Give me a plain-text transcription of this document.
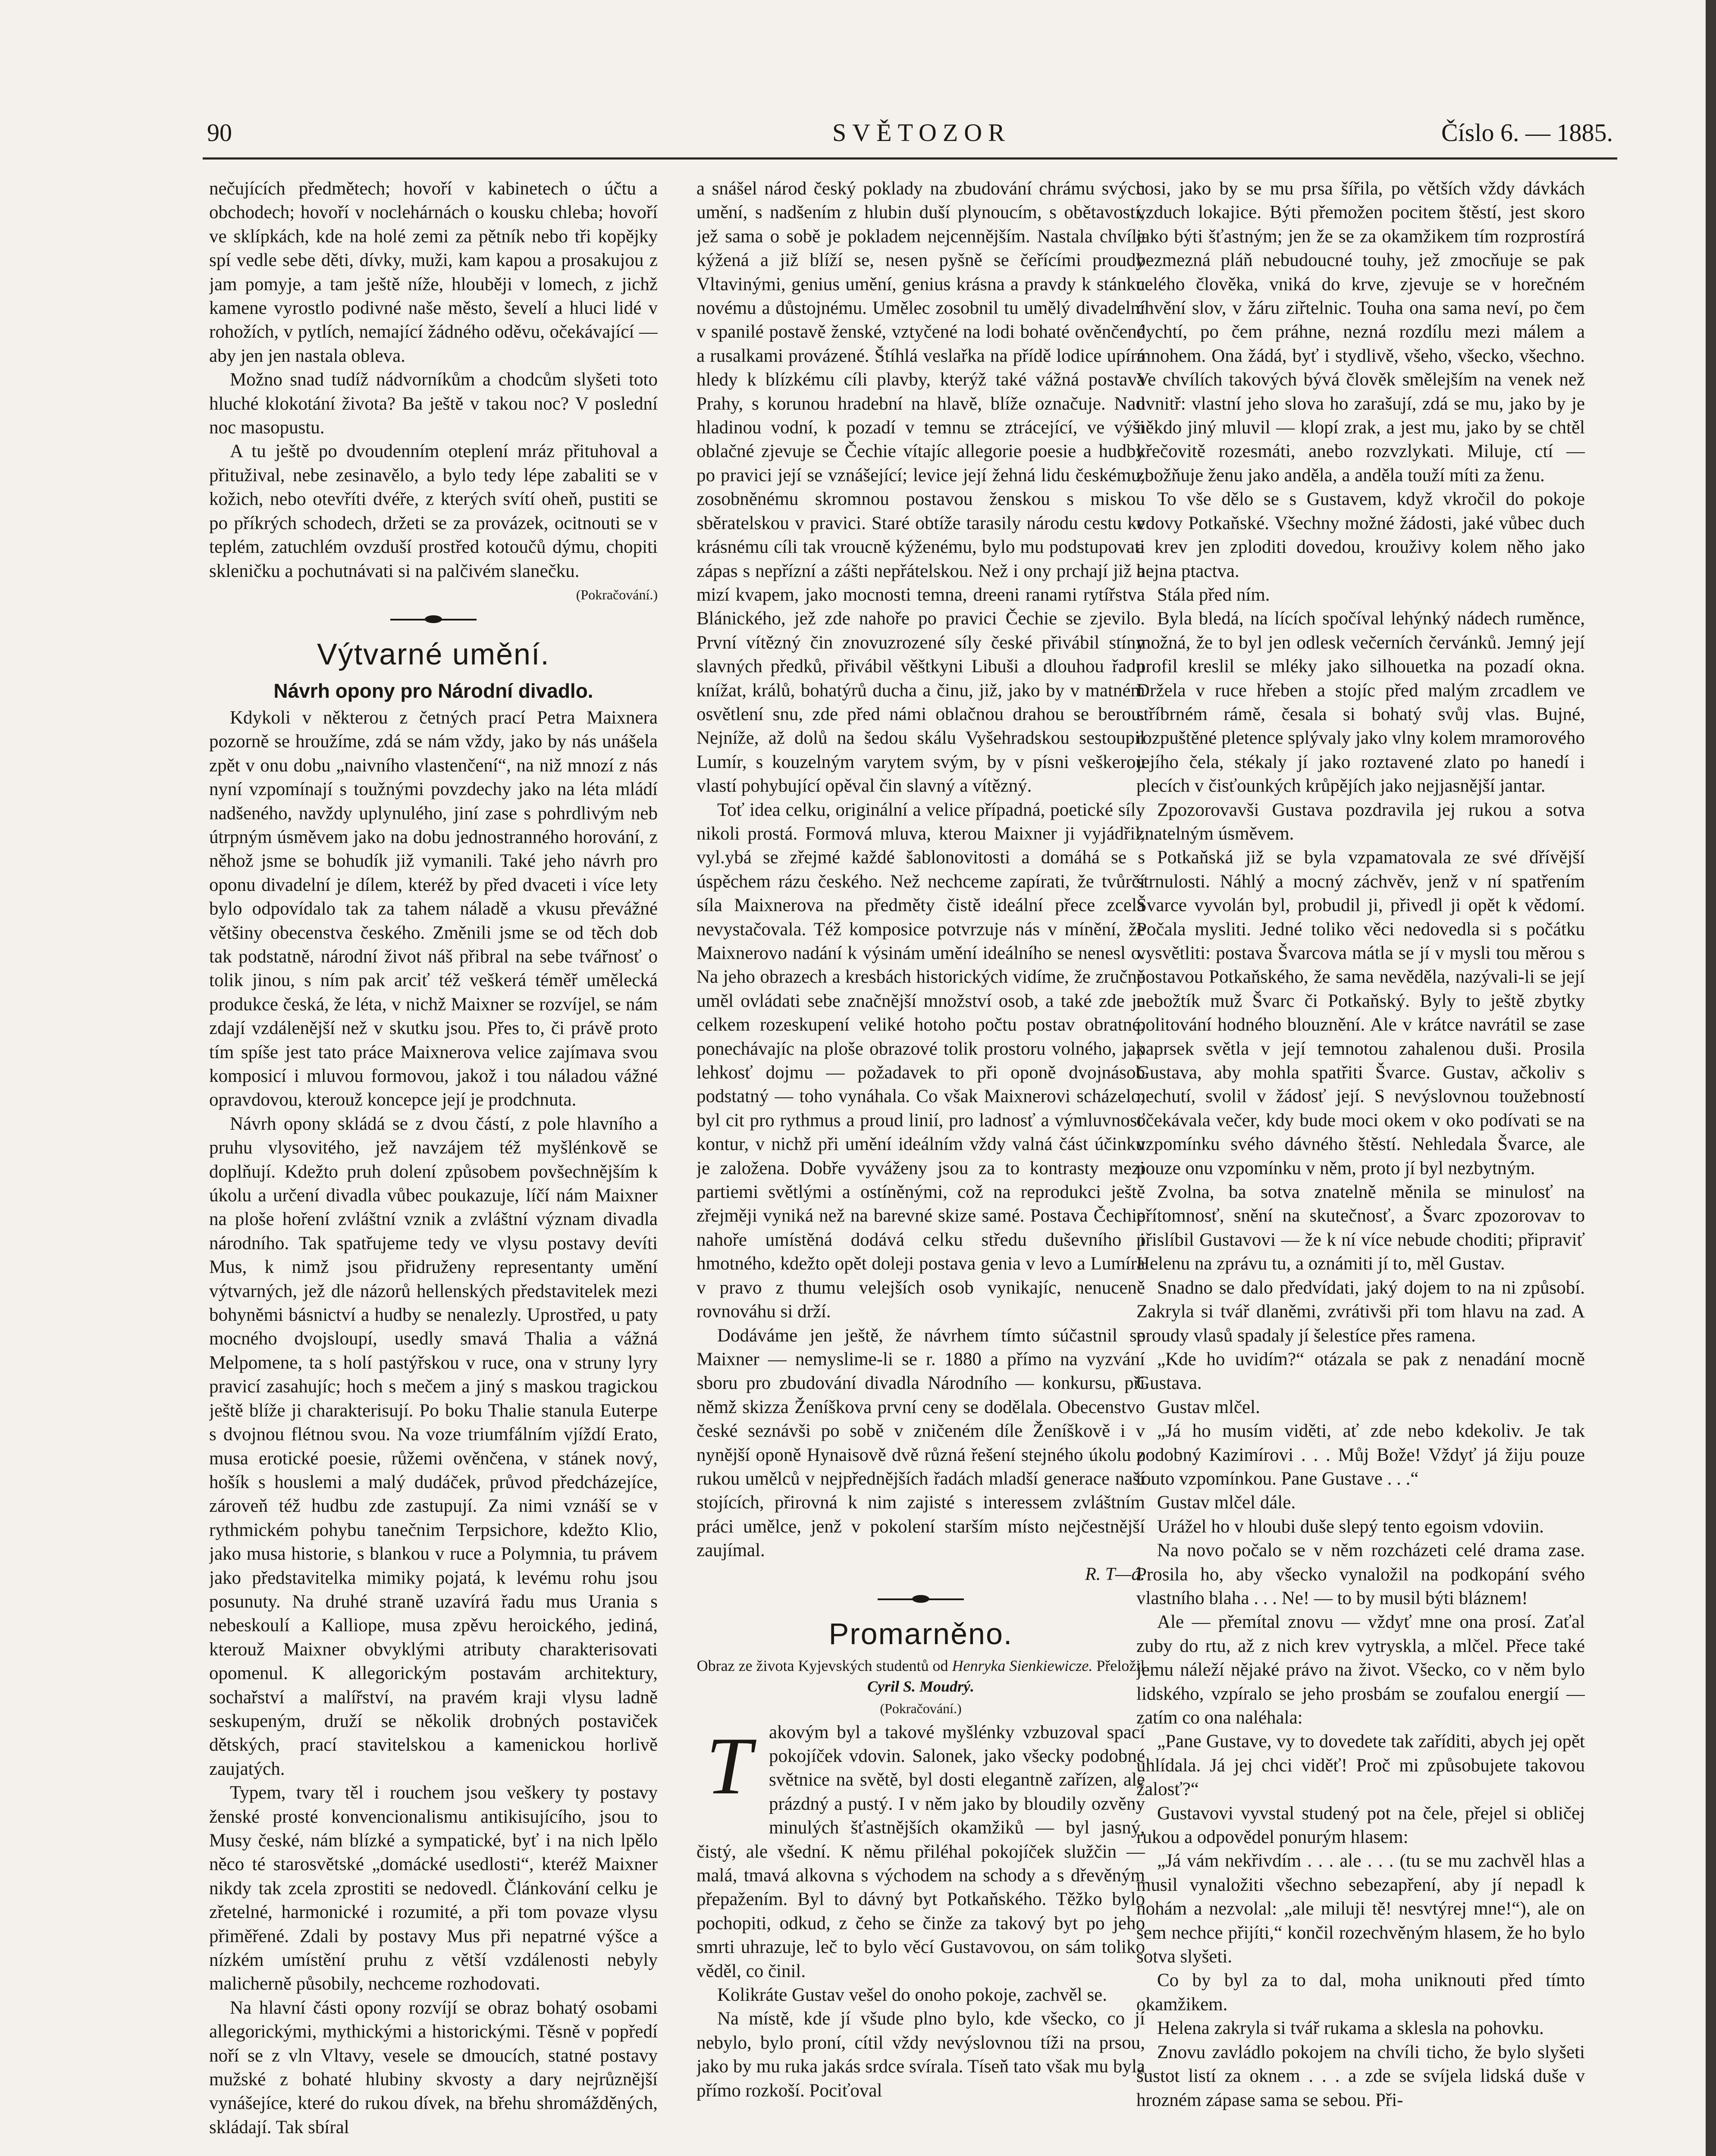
90	SVĚTOZOR	Číslo 6. — 1885.

nečujících předmětech; hovoří v kabinetech o účtu a obchodech; hovoří v noclehárnách o kousku chleba; hovoří ve sklípkách, kde na holé zemi za pětník nebo tři kopějky spí vedle sebe děti, dívky, muži, kam kapou a prosakujou z jam pomyje, a tam ještě níže, hlouběji v lomech, z jichž kamene vyrostlo podivné naše město, ševelí a hluci lidé v rohožích, v pytlích, nemající žádného oděvu, očekávající — aby jen jen nastala obleva.

Možno snad tudíž nádvorníkům a chodcům slyšeti toto hluché klokotání života? Ba ještě v takou noc? V poslední noc masopustu.

A tu ještě po dvoudenním oteplení mráz přituhoval a přitužival, nebe zesinavělo, a bylo tedy lépe zabaliti se v kožich, nebo otevříti dvéře, z kterých svítí oheň, pustiti se po příkrých schodech, držeti se za provázek, ocitnouti se v teplém, zatuchlém ovzduší prostřed kotoučů dýmu, chopiti skleničku a pochutnávati si na palčivém slanečku.

(Pokračování.)

Výtvarné umění.
Návrh opony pro Národní divadlo.

Kdykoli v některou z četných prací Petra Maixnera pozorně se hroužíme, zdá se nám vždy, jako by nás unášela zpět v onu dobu „naivního vlastenčení“, na niž mnozí z nás nyní vzpomínají s toužnými povzdechy jako na léta mládí nadšeného, navždy uplynulého, jiní zase s pohrdlivým neb útrpným úsměvem jako na dobu jednostranného horování, z něhož jsme se bohudík již vymanili. Také jeho návrh pro oponu divadelní je dílem, kteréž by před dvaceti i více lety bylo odpovídalo tak za tahem náladě a vkusu převážné většiny obecenstva českého. Změnili jsme se od těch dob tak podstatně, národní život náš přibral na sebe tvářnosť o tolik jinou, s ním pak arciť též veškerá téměř umělecká produkce česká, že léta, v nichž Maixner se rozvíjel, se nám zdají vzdálenější než v skutku jsou. Přes to, či právě proto tím spíše jest tato práce Maixnerova velice zajímava svou komposicí i mluvou formovou, jakož i tou náladou vážné opravdovou, kterouž koncepce její je prodchnuta.

Návrh opony skládá se z dvou částí, z pole hlavního a pruhu vlysovitého, jež navzájem též myšlénkově se doplňují. Kdežto pruh dolení způsobem povšechnějším k úkolu a určení divadla vůbec poukazuje, líčí nám Maixner na ploše hoření zvláštní vznik a zvláštní význam divadla národního. Tak spatřujeme tedy ve vlysu postavy devíti Mus, k nimž jsou přidruženy representanty umění výtvarných, jež dle názorů hellenských představitelek mezi bohyněmi básnictví a hudby se nenalezly. Uprostřed, u paty mocného dvojsloupí, usedly smavá Thalia a vážná Melpomene, ta s holí pastýřskou v ruce, ona v struny lyry pravicí zasahujíc; hoch s mečem a jiný s maskou tragickou ještě blíže ji charakterisují. Po boku Thalie stanula Euterpe s dvojnou flétnou svou. Na voze triumfálním vjíždí Erato, musa erotické poesie, růžemi ověnčena, v stánek nový, hošík s houslemi a malý dudáček, průvod předcházejíce, zároveň též hudbu zde zastupují. Za nimi vznáší se v rythmickém pohybu tanečnim Terpsichore, kdežto Klio, jako musa historie, s blankou v ruce a Polymnia, tu právem jako představitelka mimiky pojatá, k levému rohu jsou posunuty. Na druhé straně uzavírá řadu mus Urania s nebeskoulí a Kalliope, musa zpěvu heroického, jediná, kterouž Maixner obvyklými atributy charakterisovati opomenul. K allegorickým postavám architektury, sochařství a malířství, na pravém kraji vlysu ladně seskupeným, druží se několik drobných postaviček dětských, prací stavitelskou a kamenickou horlivě zaujatých.

Typem, tvary těl i rouchem jsou veškery ty postavy ženské prosté konvencionalismu antikisujícího, jsou to Musy české, nám blízké a sympatické, byť i na nich lpělo něco té starosvětské „domácké usedlosti“, kteréž Maixner nikdy tak zcela zprostiti se nedovedl. Článkování celku je zřetelné, harmonické i rozumité, a při tom povaze vlysu přiměřené. Zdali by postavy Mus při nepatrné výšce a nízkém umístění pruhu z větší vzdálenosti nebyly malicherně působily, nechceme rozhodovati.

Na hlavní části opony rozvíjí se obraz bohatý osobami allegorickými, mythickými a historickými. Těsně v popředí noří se z vln Vltavy, vesele se dmoucích, statné postavy mužské z bohaté hlubiny skvosty a dary nejrůznější vynášejíce, které do rukou dívek, na břehu shromážděných, skládají. Tak sbíral

a snášel národ český poklady na zbudování chrámu svých umění, s nadšením z hlubin duší plynoucím, s obětavostí, jež sama o sobě je pokladem nejcennějším. Nastala chvíle kýžená a již blíží se, nesen pyšně se čeřícími proudy Vltavinými, genius umění, genius krásna a pravdy k stánku novému a důstojnému. Umělec zosobnil tu umělý divadelní v spanilé postavě ženské, vztyčené na lodi bohaté ověnčené a rusalkami provázené. Štíhlá veslařka na přídě lodice upírá hledy k blízkému cíli plavby, kterýž také vážná postava Prahy, s korunou hradební na hlavě, blíže označuje. Nad hladinou vodní, k pozadí v temnu se ztrácející, ve výši oblačné zjevuje se Čechie vítajíc allegorie poesie a hudby po pravici její se vznášející; levice její žehná lidu českému, zosobněnému skromnou postavou ženskou s miskou sběratelskou v pravici. Staré obtíže tarasily národu cestu ke krásnému cíli tak vroucně kýženému, bylo mu podstupovati zápas s nepřízní a zášti nepřátelskou. Než i ony prchají již a mizí kvapem, jako mocnosti temna, dreeni ranami rytířstva Blánického, jež zde nahoře po pravici Čechie se zjevilo. První vítězný čin znovuzrozené síly české přivábil stíny slavných předků, přivábil věštkyni Libuši a dlouhou řadu knížat, králů, bohatýrů ducha a činu, již, jako by v matném osvětlení snu, zde před námi oblačnou drahou se berou. Nejníže, až dolů na šedou skálu Vyšehradskou sestoupil Lumír, s kouzelným varytem svým, by v písni veškerou vlastí pohybující opěval čin slavný a vítězný.

Toť idea celku, originální a velice případná, poetické síly nikoli prostá. Formová mluva, kterou Maixner ji vyjádřil, vyl.ybá se zřejmé každé šablonovitosti a domáhá se s úspěchem rázu českého. Než nechceme zapírati, že tvůrčí síla Maixnerova na předměty čistě ideální přece zcela nevystačovala. Též komposice potvrzuje nás v mínění, že Maixnerovo nadání k výsinám umění ideálního se nenesl o. Na jeho obrazech a kresbách historických vidíme, že zručně uměl ovládati sebe značnější množství osob, a také zde je celkem rozeskupení veliké hotoho počtu postav obratné, ponechávajíc na ploše obrazové tolik prostoru volného, jak lehkosť dojmu — požadavek to při oponě dvojnásob podstatný — toho vynáhala. Co však Maixnerovi scházelo, byl cit pro rythmus a proud linií, pro ladnosť a výmluvnosť kontur, v nichž při umění ideálním vždy valná část účinku je založena. Dobře vyváženy jsou za to kontrasty mezi partiemi světlými a ostíněnými, což na reprodukci ještě zřejměji vyniká než na barevné skize samé. Postava Čechie nahoře umístěná dodává celku středu duševního i hmotného, kdežto opět doleji postava genia v levo a Lumíra v pravo z thumu velejších osob vynikajíc, nenuceně rovnováhu si drží.

Dodáváme jen ještě, že návrhem tímto súčastnil se Maixner — nemyslime-li se r. 1880 a přímo na vyzvání sboru pro zbudování divadla Národního — konkursu, při němž skizza Ženíškova první ceny se dodělala. Obecenstvo české seznávši po sobě v zničeném díle Ženíškově i v nynější oponě Hynaisově dvě různá řešení stejného úkolu z rukou umělců v nejpřednějších řadách mladší generace naší stojících, přirovná k nim zajisté s interessem zvláštním práci umělce, jenž v pokolení starším místo nejčestnější zaujímal.

R. T—á.

Promarněno.
Obraz ze života Kyjevských studentů od Henryka Sienkiewicze. Přeložil Cyril S. Moudrý.

(Pokračování.)

T akovým byl a takové myšlénky vzbuzoval spací pokojíček vdovin. Salonek, jako všecky podobné světnice na světě, byl dosti elegantně zařízen, ale prázdný a pustý. I v něm jako by bloudily ozvěny minulých šťastnějších okamžiků — byl jasný, čistý, ale všední. K němu přiléhal pokojíček služčin — malá, tmavá alkovna s východem na schody a s dřevěným přepažením. Byl to dávný byt Potkaňského. Těžko bylo pochopiti, odkud, z čeho se činže za takový byt po jeho smrti uhrazuje, leč to bylo věcí Gustavovou, on sám toliko věděl, co činil.

Kolikráte Gustav vešel do onoho pokoje, zachvěl se.

Na místě, kde jí všude plno bylo, kde všecko, co jí nebylo, bylo proní, cítil vždy nevýslovnou tíži na prsou, jako by mu ruka jakás srdce svírala. Tíseň tato však mu byla přímo rozkoší. Pociťoval

cosi, jako by se mu prsa šířila, po větších vždy dávkách vzduch lokajice. Býti přemožen pocitem štěstí, jest skoro jako býti šťastným; jen že se za okamžikem tím rozprostírá bezmezná pláň nebudoucné touhy, jež zmocňuje se pak celého člověka, vniká do krve, zjevuje se v horečném chvění slov, v žáru ziřtelnic. Touha ona sama neví, po čem dychtí, po čem práhne, nezná rozdílu mezi málem a mnohem. Ona žádá, byť i stydlivě, všeho, všecko, všechno. Ve chvílích takových bývá člověk smělejším na venek než uvnitř: vlastní jeho slova ho zarašují, zdá se mu, jako by je někdo jiný mluvil — klopí zrak, a jest mu, jako by se chtěl křečovitě rozesmáti, anebo rozvzlykati. Miluje, ctí — zbožňuje ženu jako anděla, a anděla touží míti za ženu.

To vše dělo se s Gustavem, když vkročil do pokoje vdovy Potkaňské. Všechny možné žádosti, jaké vůbec duch a krev jen zploditi dovedou, krouživy kolem něho jako hejna ptactva.

Stála před ním.

Byla bledá, na lících spočíval lehýnký nádech ruměnce, možná, že to byl jen odlesk večerních červánků. Jemný její profil kreslil se mléky jako silhouetka na pozadí okna. Držela v ruce hřeben a stojíc před malým zrcadlem ve stříbrném rámě, česala si bohatý svůj vlas. Bujné, rozpuštěné pletence splývaly jako vlny kolem mramorového jejího čela, stékaly jí jako roztavené zlato po hanedí i plecích v čisťounkých krůpějích jako nejjasnější jantar.

Zpozorovavši Gustava pozdravila jej rukou a sotva znatelným úsměvem.

Potkaňská již se byla vzpamatovala ze své dřívější strnulosti. Náhlý a mocný záchvěv, jenž v ní spatřením Švarce vyvolán byl, probudil ji, přivedl ji opět k vědomí. Počala mysliti. Jedné toliko věci nedovedla si s počátku vysvětliti: postava Švarcova mátla se jí v mysli tou měrou s postavou Potkaňského, že sama nevěděla, nazývali-li se její nebožtík muž Švarc či Potkaňský. Byly to ještě zbytky politování hodného blouznění. Ale v krátce navrátil se zase paprsek světla v její temnotou zahalenou duši. Prosila Gustava, aby mohla spatřiti Švarce. Gustav, ačkoliv s nechutí, svolil v žádosť její. S nevýslovnou toužebností očekávala večer, kdy bude moci okem v oko podívati se na vzpomínku svého dávného štěstí. Nehledala Švarce, ale pouze onu vzpomínku v něm, proto jí byl nezbytným.

Zvolna, ba sotva znatelně měnila se minulosť na přítomnosť, snění na skutečnosť, a Švarc zpozorovav to přislíbil Gustavovi — že k ní více nebude choditi; připraviť Helenu na zprávu tu, a oznámiti jí to, měl Gustav.

Snadno se dalo předvídati, jaký dojem to na ni způsobí. Zakryla si tvář dlaněmi, zvrátivši při tom hlavu na zad. A proudy vlasů spadaly jí šelestíce přes ramena.

„Kde ho uvidím?“ otázala se pak z nenadání mocně Gustava.

Gustav mlčel.

„Já ho musím viděti, ať zde nebo kdekoliv. Je tak podobný Kazimírovi . . . Můj Bože! Vždyť já žiju pouze touto vzpomínkou. Pane Gustave . . .“

Gustav mlčel dále.

Urážel ho v hloubi duše slepý tento egoism vdoviin.

Na novo počalo se v něm rozcházeti celé drama zase. Prosila ho, aby všecko vynaložil na podkopání svého vlastního blaha . . . Ne! — to by musil býti bláznem!

Ale — přemítal znovu — vždyť mne ona prosí. Zaťal zuby do rtu, až z nich krev vytryskla, a mlčel. Přece také jemu náleží nějaké právo na život. Všecko, co v něm bylo lidského, vzpíralo se jeho prosbám se zoufalou energií — zatím co ona naléhala:

„Pane Gustave, vy to dovedete tak zaříditi, abych jej opět uhlídala. Já jej chci viděť! Proč mi způsobujete takovou žalosť?“

Gustavovi vyvstal studený pot na čele, přejel si obličej rukou a odpovědel ponurým hlasem:

„Já vám nekřivdím . . . ale . . . (tu se mu zachvěl hlas a musil vynaložiti všechno sebezapření, aby jí nepadl k nohám a nezvolal: „ale miluji tě! nesvtýrej mne!“), ale on sem nechce přijíti,“ končil rozechvěným hlasem, že ho bylo sotva slyšeti.

Co by byl za to dal, moha uniknouti před tímto okamžikem.

Helena zakryla si tvář rukama a sklesla na pohovku.

Znovu zavládlo pokojem na chvíli ticho, že bylo slyšeti šustot listí za oknem . . . a zde se svíjela lidská duše v hrozném zápase sama se sebou. Při-
